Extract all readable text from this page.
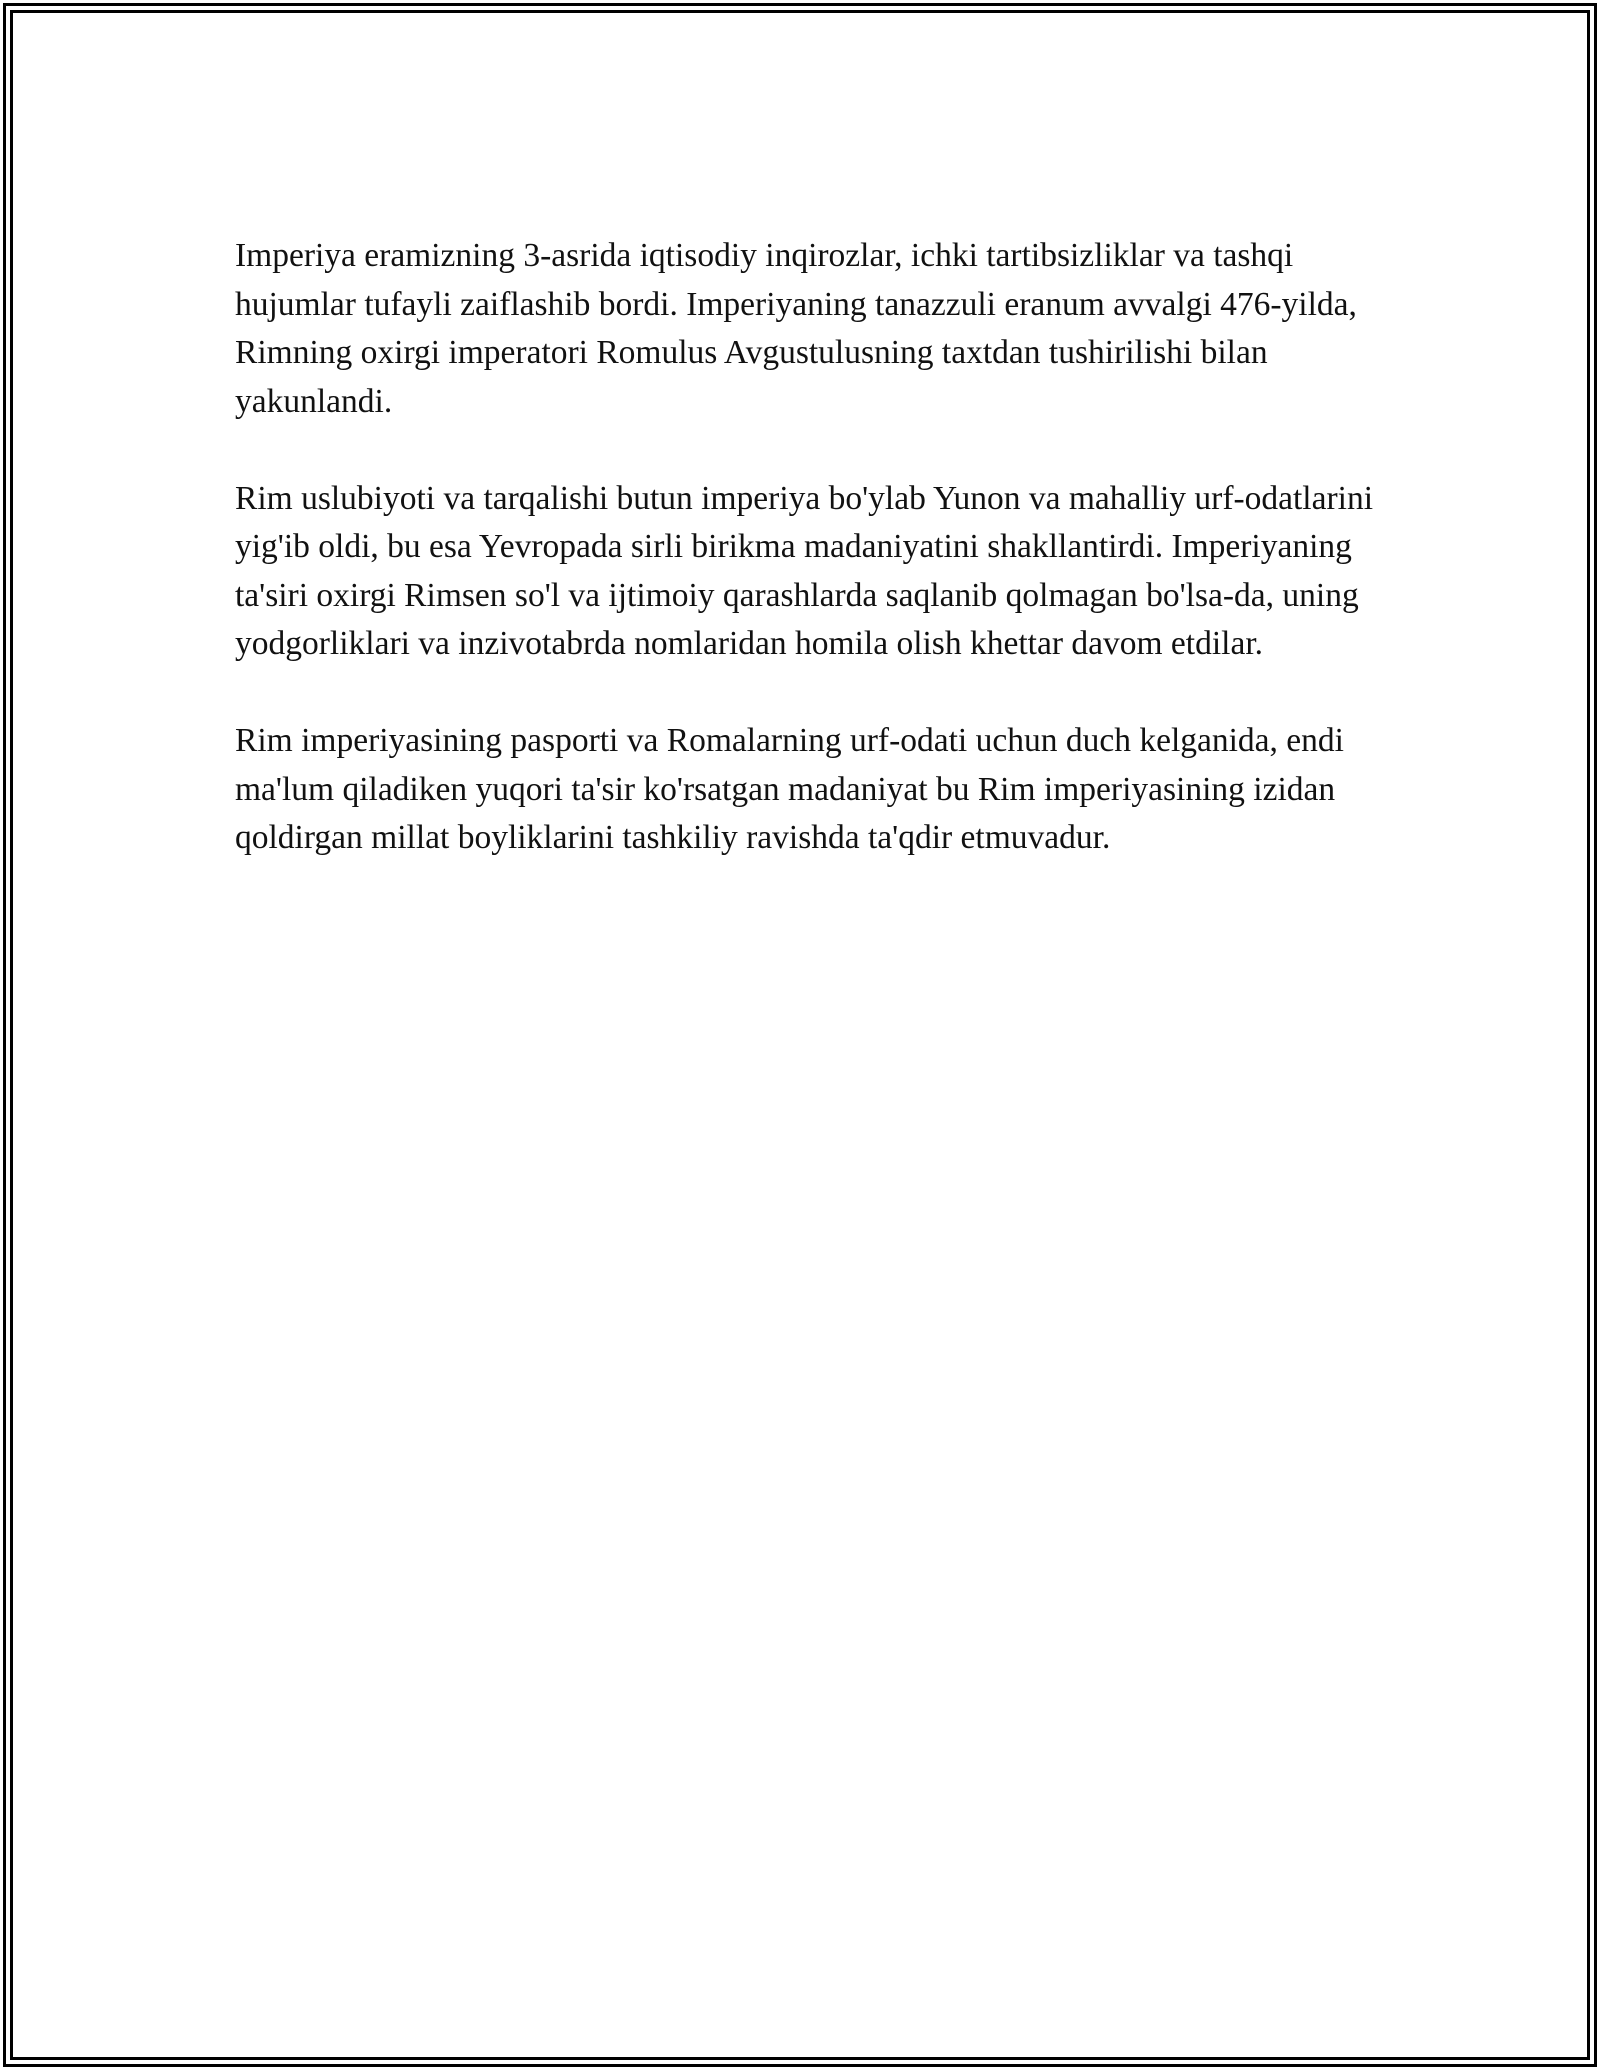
Imperiya eramizning 3-asrida iqtisodiy inqirozlar, ichki tartibsizliklar va tashqi hujumlar tufayli zaiflashib bordi. Imperiyaning tanazzuli eranum avvalgi 476-yilda, Rimning oxirgi imperatori Romulus Avgustulusning taxtdan tushirilishi bilan yakunlandi.

Rim uslubiyoti va tarqalishi butun imperiya bo'ylab Yunon va mahalliy urf-odatlarini yig'ib oldi, bu esa Yevropada sirli birikma madaniyatini shakllantirdi. Imperiyaning ta'siri oxirgi Rimsen so'l va ijtimoiy qarashlarda saqlanib qolmagan bo'lsa-da, uning yodgorliklari va inzivotabrda nomlaridan homila olish khettar davom etdilar.

Rim imperiyasining pasporti va Romalarning urf-odati uchun duch kelganida, endi ma'lum qiladiken yuqori ta'sir ko'rsatgan madaniyat bu Rim imperiyasining izidan qoldirgan millat boyliklarini tashkiliy ravishda ta'qdir etmuvadur.
